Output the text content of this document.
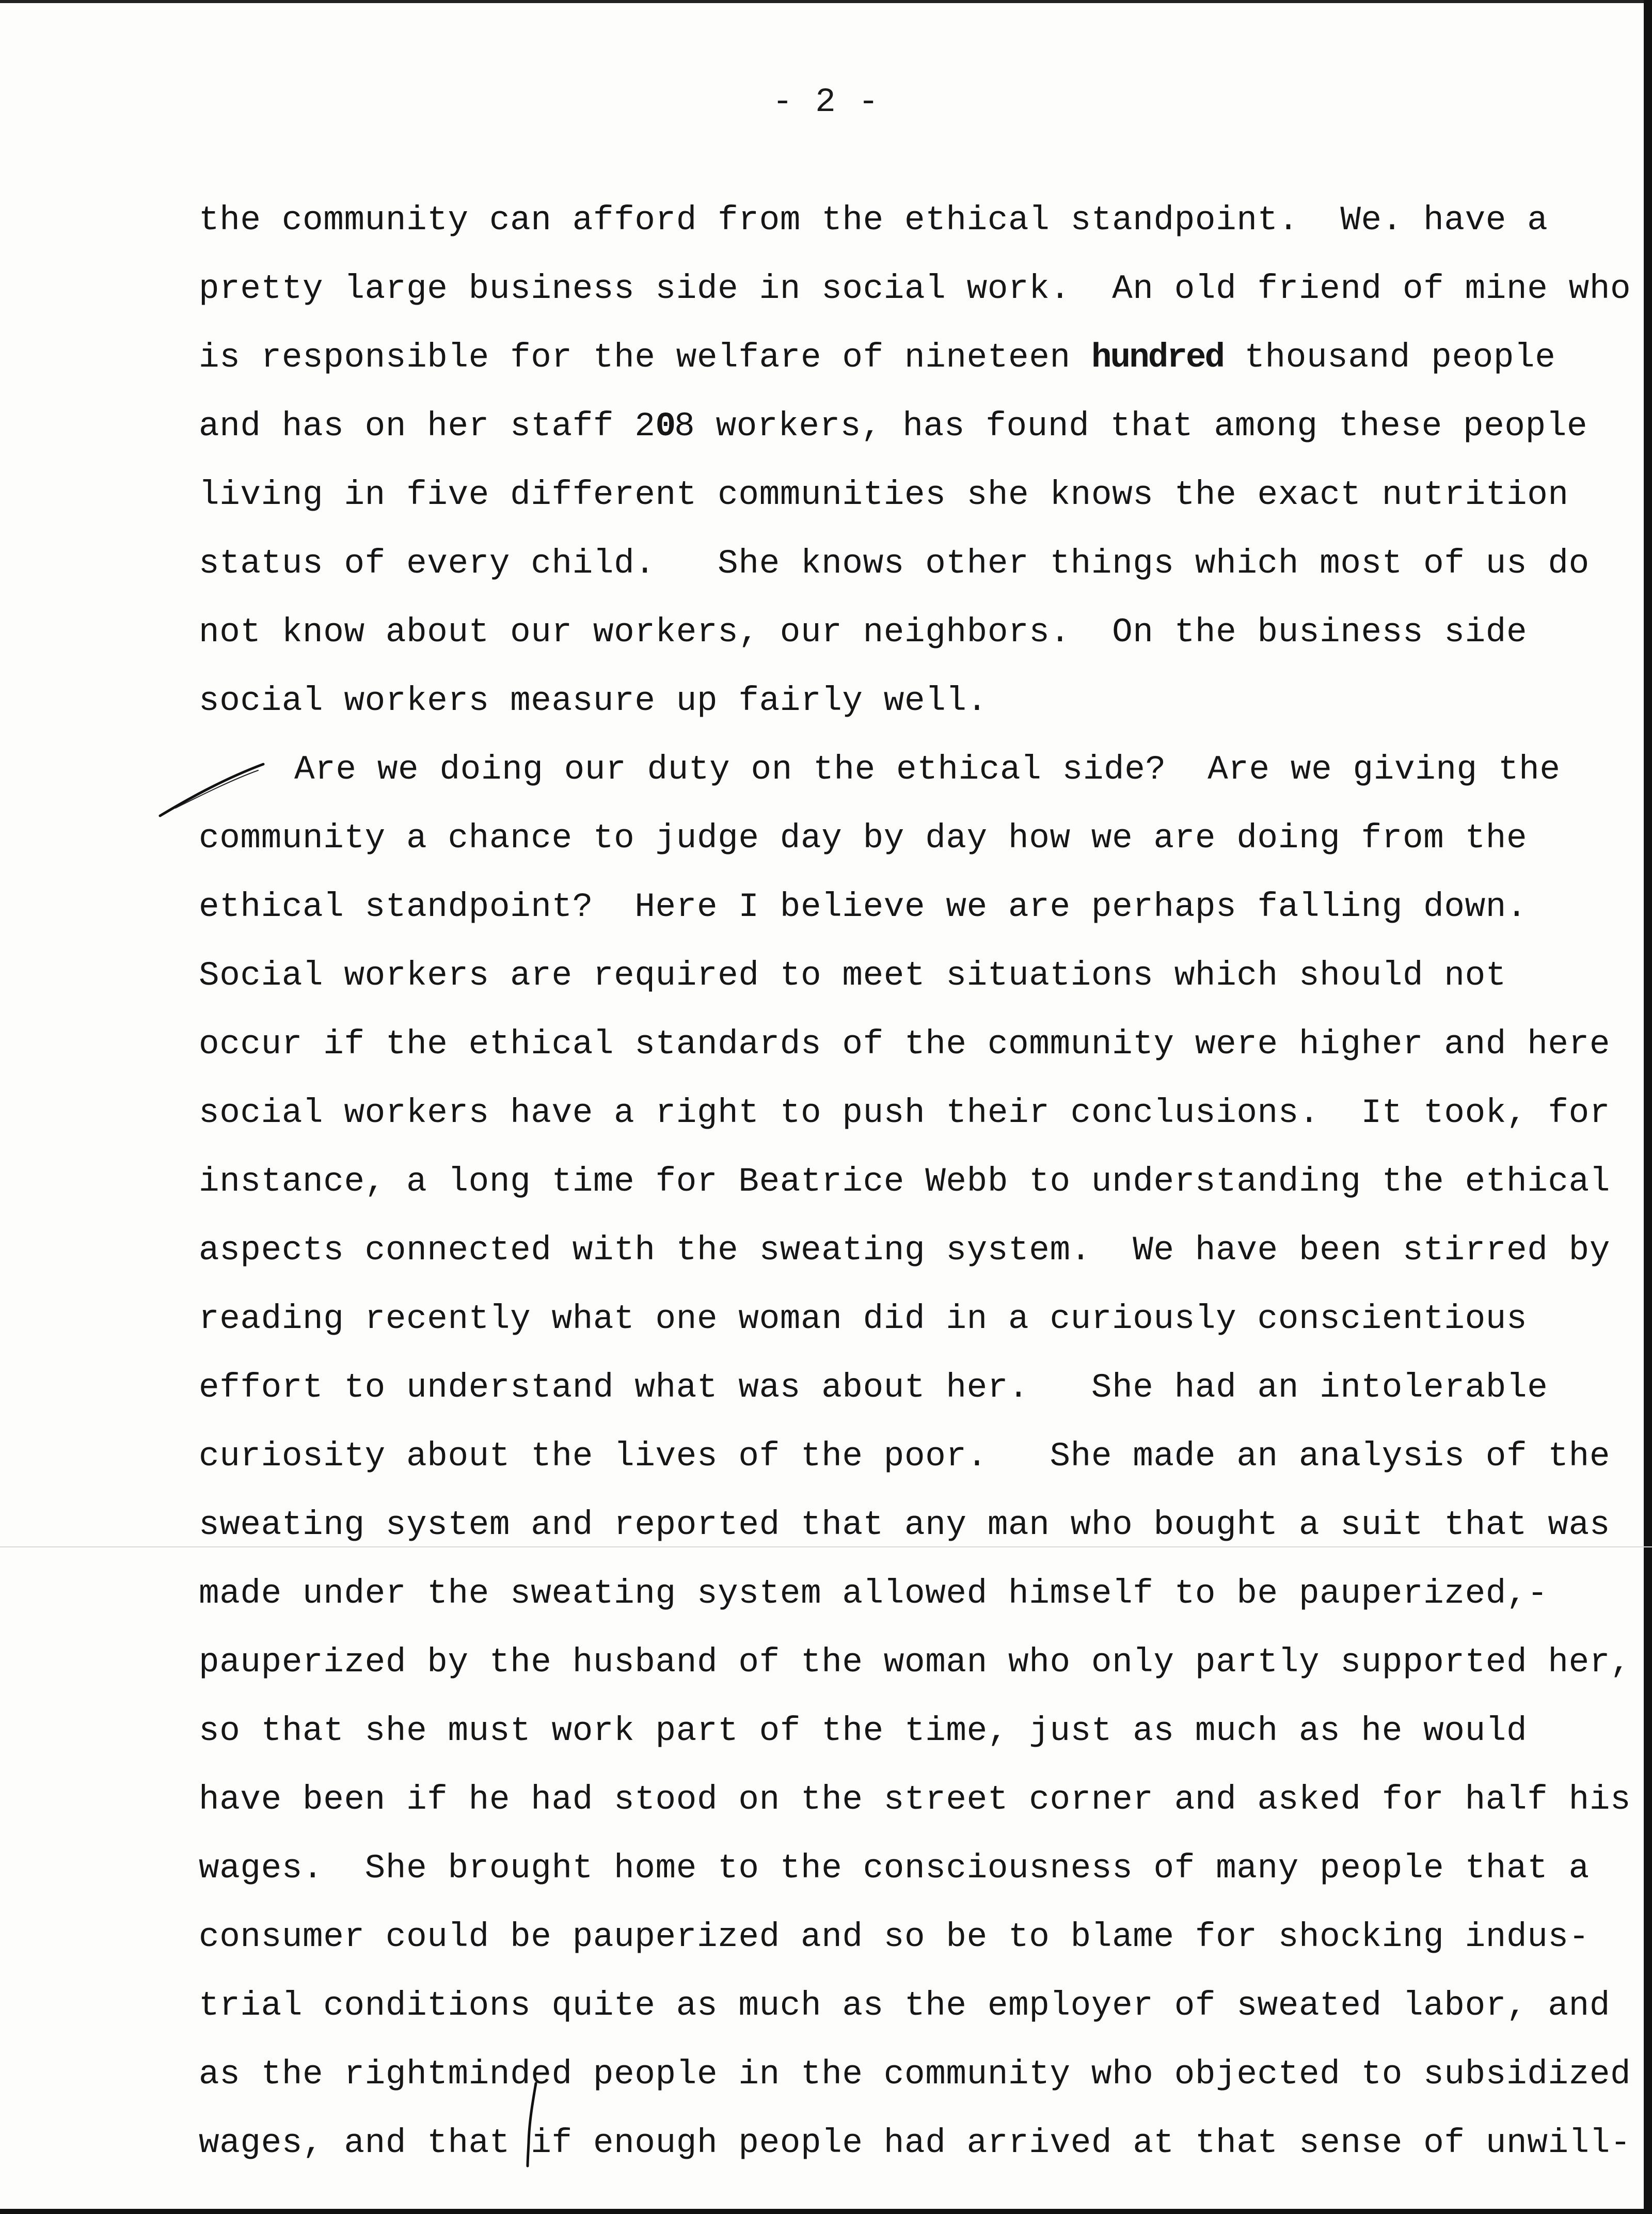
- 2 -
the community can afford from the ethical standpoint.  We. have a
pretty large business side in social work.  An old friend of mine who
is responsible for the welfare of nineteen hundred thousand people
and has on her staff 208 workers, has found that among these people
living in five different communities she knows the exact nutrition
status of every child.   She knows other things which most of us do
not know about our workers, our neighbors.  On the business side
social workers measure up fairly well.
Are we doing our duty on the ethical side?  Are we giving the
community a chance to judge day by day how we are doing from the
ethical standpoint?  Here I believe we are perhaps falling down.
Social workers are required to meet situations which should not
occur if the ethical standards of the community were higher and here
social workers have a right to push their conclusions.  It took, for
instance, a long time for Beatrice Webb to understanding the ethical
aspects connected with the sweating system.  We have been stirred by
reading recently what one woman did in a curiously conscientious
effort to understand what was about her.   She had an intolerable
curiosity about the lives of the poor.   She made an analysis of the
sweating system and reported that any man who bought a suit that was
made under the sweating system allowed himself to be pauperized,-
pauperized by the husband of the woman who only partly supported her,
so that she must work part of the time, just as much as he would
have been if he had stood on the street corner and asked for half his
wages.  She brought home to the consciousness of many people that a
consumer could be pauperized and so be to blame for shocking indus-
trial conditions quite as much as the employer of sweated labor, and
as the rightminded people in the community who objected to subsidized
wages, and that if enough people had arrived at that sense of unwill-
